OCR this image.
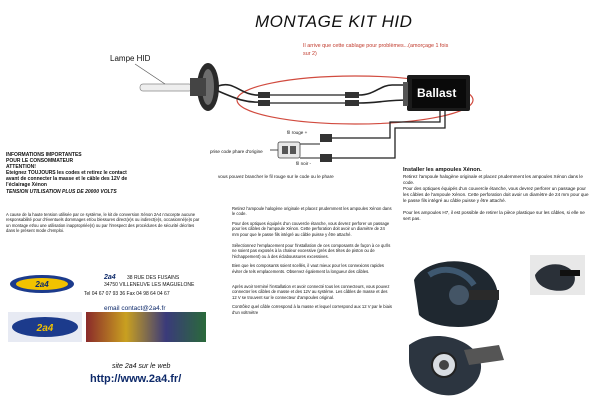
MONTAGE KIT HID
Il arrive que cette cablage pour problèmes...(amorçage 1 fois sur 2)
Lampe HID
Ballast
fil rouge +
fil noir -
prise code phare d'origine
vous pouvez brancher le fil rouge sur le code ou le phare
INFORMATIONS IMPORTANTES
POUR LE CONSOMMATEUR
ATTENTION!

Eteignez TOUJOURS les codes et retirez le contact

avant de connecter la masse et le câble des 12V de

l'éclairage Xénon

TENSION UTILISATION PLUS DE 20000 VOLTS

A cause de la haute tension utilisée par ce système, le kit de conversion Xénon 2A4 n'accepte aucune responsabilité pour d'éventuels dommages et/ou blessures direct(e)s ou indirect(e)s, occasionné(e)s par un montage et/ou une utilisation inappropriée(s) ou par l'irrespect des procédures de sécurité décrites dans le présent mode d'emploi.
2a4
2a4 38 RUE DES FUSAINS
34750 VILLENEUVE LES MAGUELONE
Tel 04 67 07 93 36 Fax 04 98 64 04 67
email contact@2a4.fr
2a4
site 2a4 sur le web
http://www.2a4.fr/

Retirez l'ampoule halogène originale et placez prudemment les ampoules Xénon dans le code.

Pour des optiques équipés d'un couvercle étanche, vous devrez perforer un passage pour les câbles de l'ampoule Xénon. Cette perforation doit avoir un diamètre de 24 mm pour que le passe fils intégré au câble puisse y être attaché.

Sélectionnez l'emplacement pour l'installation de ces composants de façon à ce qu'ils ne soient pas exposés à la chaleur excessive (près des têtes de piston ou de l'échappement) ou à des éclaboussures excessives.

Bien que les composants soient scellés, il vaut mieux pour les connexions rapides éviter de tels emplacements. Observez également la longueur des câbles.

Après avoir terminé l'installation et avoir connecté tous les connecteurs, vous pouvez connecter les câbles de masse et des 12V au système. Les câbles de masse et des 12 V se trouvent sur le connecteur d'ampoules original.

Contrôlez quel câble correspond à la masse et lequel correspond aux 12 V par le biais d'un voltmètre

Installer les ampoules Xénon.
Retirez l'ampoule halogène originale et placez prudemment les ampoules Xénon dans le code.
Pour des optiques équipés d'un couvercle étanche, vous devrez perforer un passage pour les câbles de l'ampoule Xénon. Cette perforation doit avoir un diamètre de 24 mm pour que le passe fils intégré au câble puisse y être attaché.
Pour les ampoules H7, il est possible de retirer la pièce plastique sur les câbles, si elle ne sert pas.
